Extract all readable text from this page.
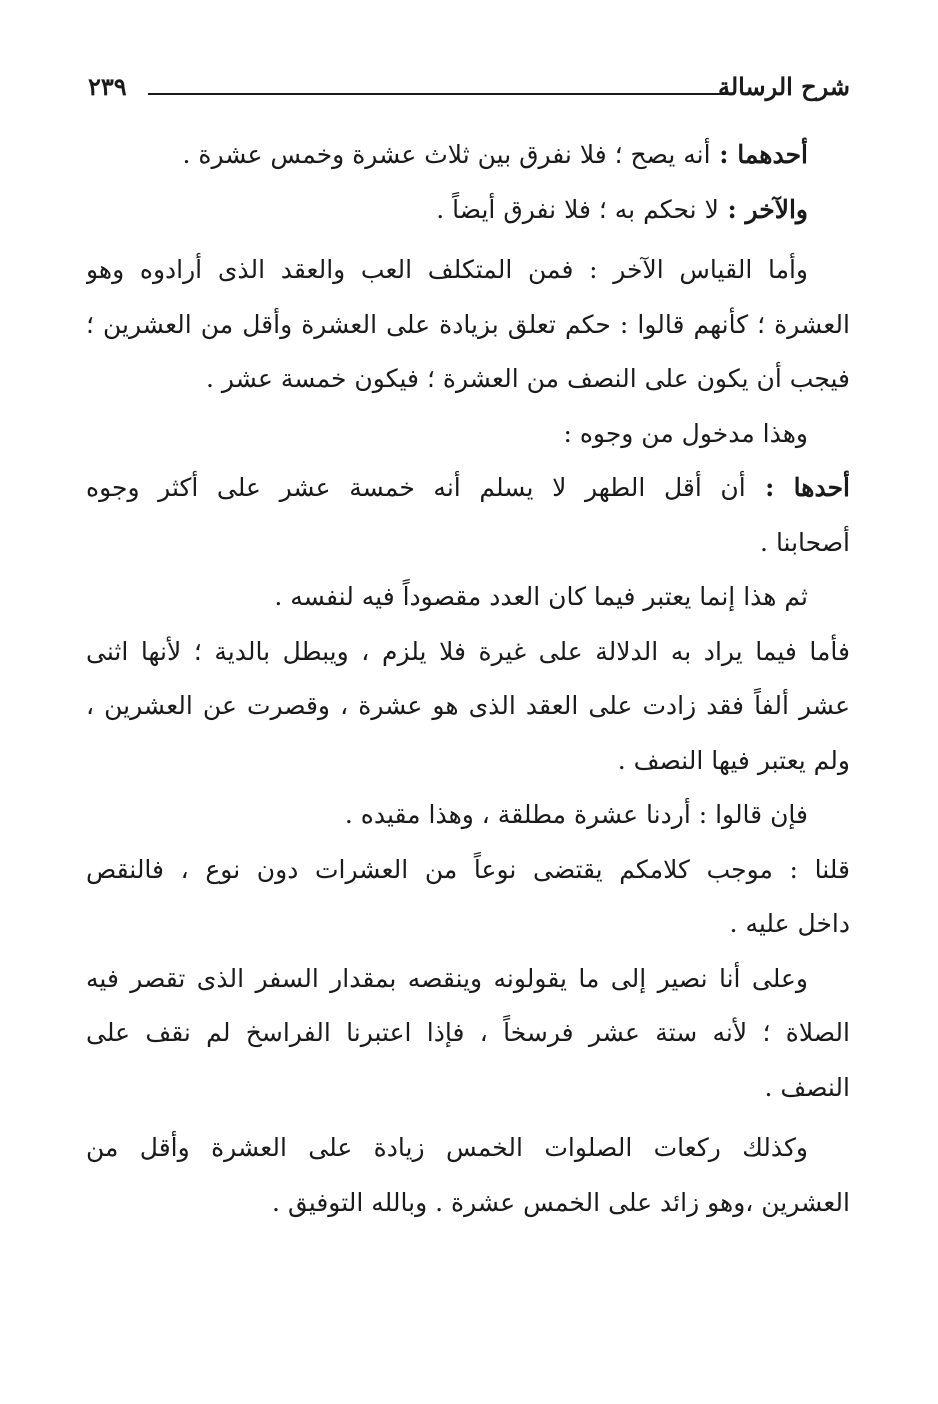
شرح الرسالة
٢٣٩
أحدهما : أنه يصح ؛ فلا نفرق بين ثلاث عشرة وخمس عشرة .
والآخر : لا نحكم به ؛ فلا نفرق أيضاً .
وأما القياس الآخر : فمن المتكلف العب والعقد الذى أرادوه وهو
العشرة ؛ كأنهم قالوا : حكم تعلق بزيادة على العشرة وأقل من العشرين ؛
فيجب أن يكون على النصف من العشرة ؛ فيكون خمسة عشر .
وهذا مدخول من وجوه :
أحدها : أن أقل الطهر لا يسلم أنه خمسة عشر على أكثر وجوه
أصحابنا .
ثم هذا إنما يعتبر فيما كان العدد مقصوداً فيه لنفسه .
فأما فيما يراد به الدلالة على غيرة فلا يلزم ، ويبطل بالدية ؛ لأنها اثنى
عشر ألفاً فقد زادت على العقد الذى هو عشرة ، وقصرت عن العشرين ،
ولم يعتبر فيها النصف .
فإن قالوا : أردنا عشرة مطلقة ، وهذا مقيده .
قلنا : موجب كلامكم يقتضى نوعاً من العشرات دون نوع ، فالنقص
داخل عليه .
وعلى أنا نصير إلى ما يقولونه وينقصه بمقدار السفر الذى تقصر فيه
الصلاة ؛ لأنه ستة عشر فرسخاً ، فإذا اعتبرنا الفراسخ لم نقف على
النصف .
وكذلك ركعات الصلوات الخمس زيادة على العشرة وأقل من
العشرين ،وهو زائد على الخمس عشرة . وبالله التوفيق .
